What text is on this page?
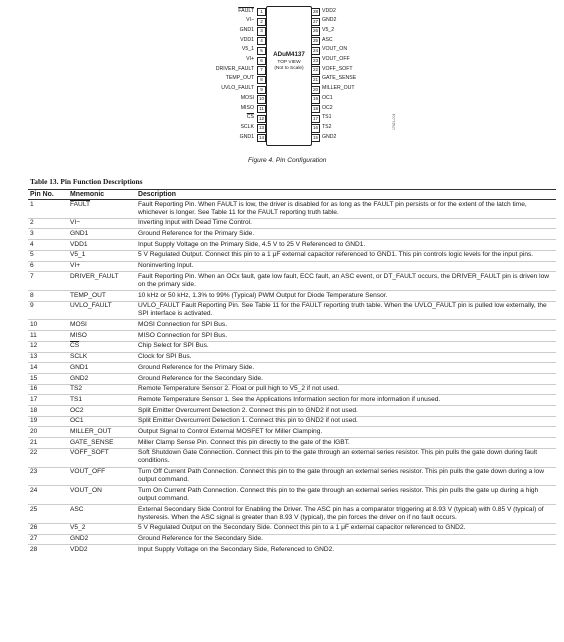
FAULT	1
VI−	2
GND1	3
VDD1	4
V5_1	5
VI+	6
DRIVER_FAULT	7
TEMP_OUT	8
UVLO_FAULT	9
MOSI	10
MISO	11
$\overline{CS}$	12
SCLK	13
GND1	14
ADuM4137
TOP VIEW
(Not to Scale)
28 VDD2
27 GND2
26 V5_2
25 ASC
24 VOUT_ON
23 VOUT_OFF
22 VOFF_SOFT
21 GATE_SENSE
20 MILLER_OUT
19 OC1
18 OC2
17 TS1
16 TS2
15 GND2
17421-004
Figure 4. Pin Configuration
Table 13. Pin Function Descriptions
Pin No.	Mnemonic	Description
1	FAULT	Fault Reporting Pin. When FAULT is low, the driver is disabled for as long as the FAULT pin persists or for the extent of the latch time, whichever is longer. See Table 11 for the FAULT reporting truth table.
2	VI−	Inverting Input with Dead Time Control.
3	GND1	Ground Reference for the Primary Side.
4	VDD1	Input Supply Voltage on the Primary Side, 4.5 V to 25 V Referenced to GND1.
5	V5_1	5 V Regulated Output. Connect this pin to a 1 μF external capacitor referenced to GND1. This pin controls logic levels for the input pins.
6	VI+	Noninverting Input.
7	DRIVER_FAULT	Fault Reporting Pin. When an OCx fault, gate low fault, ECC fault, an ASC event, or DT_FAULT occurs, the DRIVER_FAULT pin is driven low on the primary side.
8	TEMP_OUT	10 kHz or 50 kHz, 1.3% to 99% (Typical) PWM Output for Diode Temperature Sensor.
9	UVLO_FAULT	UVLO_FAULT Fault Reporting Pin. See Table 11 for the FAULT reporting truth table. When the UVLO_FAULT pin is pulled low externally, the SPI interface is activated.
10	MOSI	MOSI Connection for SPI Bus.
11	MISO	MISO Connection for SPI Bus.
12	$\overline{CS}$	Chip Select for SPI Bus.
13	SCLK	Clock for SPI Bus.
14	GND1	Ground Reference for the Primary Side.
15	GND2	Ground Reference for the Secondary Side.
16	TS2	Remote Temperature Sensor 2. Float or pull high to V5_2 if not used.
17	TS1	Remote Temperature Sensor 1. See the Applications Information section for more information if unused.
18	OC2	Split Emitter Overcurrent Detection 2. Connect this pin to GND2 if not used.
19	OC1	Split Emitter Overcurrent Detection 1. Connect this pin to GND2 if not used.
20	MILLER_OUT	Output Signal to Control External MOSFET for Miller Clamping.
21	GATE_SENSE	Miller Clamp Sense Pin. Connect this pin directly to the gate of the IGBT.
22	VOFF_SOFT	Soft Shutdown Gate Connection. Connect this pin to the gate through an external series resistor. This pin pulls the gate down during fault conditions.
23	VOUT_OFF	Turn Off Current Path Connection. Connect this pin to the gate through an external series resistor. This pin pulls the gate down during a low output command.
24	VOUT_ON	Turn On Current Path Connection. Connect this pin to the gate through an external series resistor. This pin pulls the gate up during a high output command.
25	ASC	External Secondary Side Control for Enabling the Driver. The ASC pin has a comparator triggering at 8.93 V (typical) with 0.85 V (typical) of hysteresis. When the ASC signal is greater than 8.93 V (typical), the pin forces the driver on if no fault occurs.
26	V5_2	5 V Regulated Output on the Secondary Side. Connect this pin to a 1 μF external capacitor referenced to GND2.
27	GND2	Ground Reference for the Secondary Side.
28	VDD2	Input Supply Voltage on the Secondary Side, Referenced to GND2.
